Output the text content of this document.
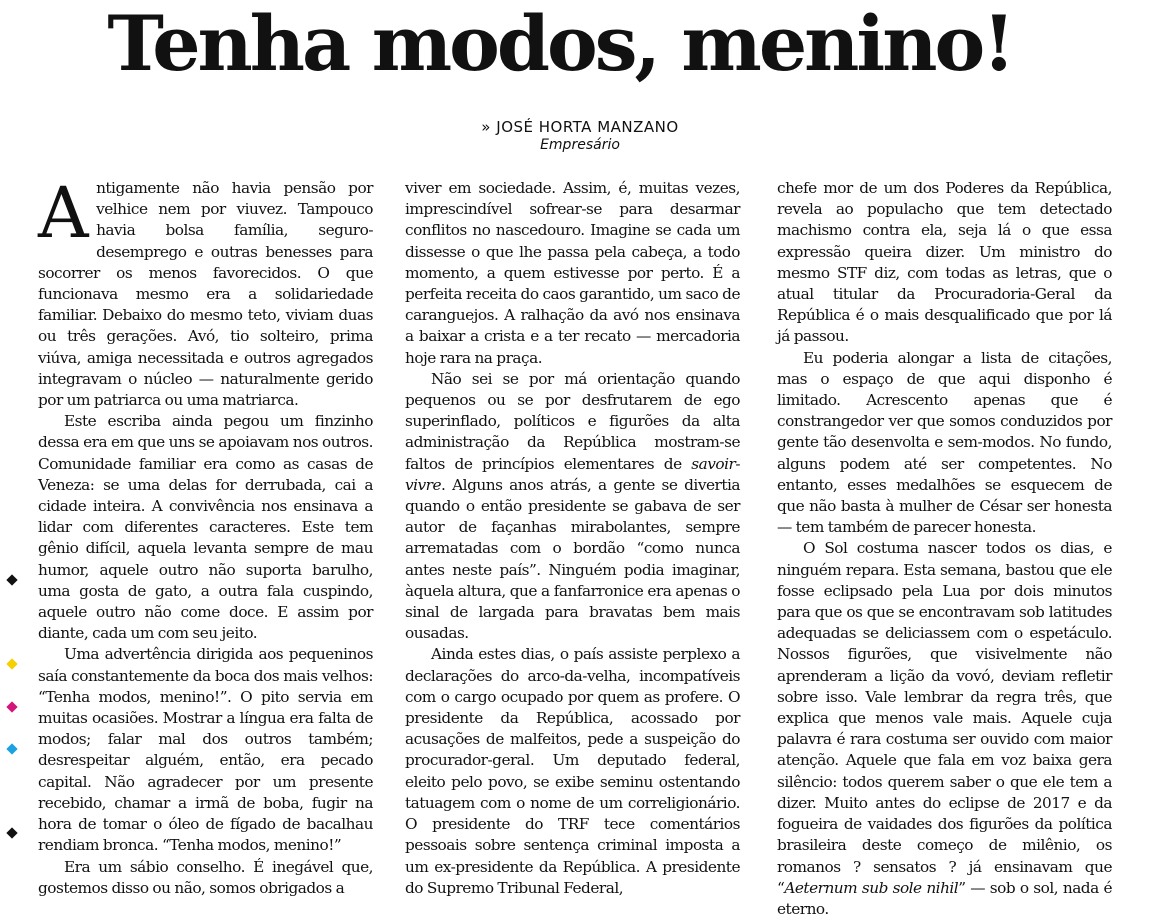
Tenha modos, menino!
» JOSÉ HORTA MANZANO
Empresário

Antigamente não havia pensão por velhice nem por viuvez. Tampouco havia bolsa família, seguro-desemprego e outras benesses para socorrer os menos favorecidos. O que funcionava mesmo era a solidariedade familiar. Debaixo do mesmo teto, viviam duas ou três gerações. Avó, tio solteiro, prima viúva, amiga necessitada e outros agregados integravam o núcleo — naturalmente gerido por um patriarca ou uma matriarca.

Este escriba ainda pegou um finzinho dessa era em que uns se apoiavam nos outros. Comunidade familiar era como as casas de Veneza: se uma delas for derrubada, cai a cidade inteira. A convivência nos ensinava a lidar com diferentes caracteres. Este tem gênio difícil, aquela levanta sempre de mau humor, aquele outro não suporta barulho, uma gosta de gato, a outra fala cuspindo, aquele outro não come doce. E assim por diante, cada um com seu jeito.

Uma advertência dirigida aos pequeninos saía constantemente da boca dos mais velhos: “Tenha modos, menino!”. O pito servia em muitas ocasiões. Mostrar a língua era falta de modos; falar mal dos outros também; desrespeitar alguém, então, era pecado capital. Não agradecer por um presente recebido, chamar a irmã de boba, fugir na hora de tomar o óleo de fígado de bacalhau rendiam bronca. “Tenha modos, menino!”

Era um sábio conselho. É inegável que, gostemos disso ou não, somos obrigados a

viver em sociedade. Assim, é, muitas vezes, imprescindível sofrear-se para desarmar conflitos no nascedouro. Imagine se cada um dissesse o que lhe passa pela cabeça, a todo momento, a quem estivesse por perto. É a perfeita receita do caos garantido, um saco de caranguejos. A ralhação da avó nos ensinava a baixar a crista e a ter recato — mercadoria hoje rara na praça.

Não sei se por má orientação quando pequenos ou se por desfrutarem de ego superinflado, políticos e figurões da alta administração da República mostram-se faltos de princípios elementares de savoir-vivre. Alguns anos atrás, a gente se divertia quando o então presidente se gabava de ser autor de façanhas mirabolantes, sempre arrematadas com o bordão “como nunca antes neste país”. Ninguém podia imaginar, àquela altura, que a fanfarronice era apenas o sinal de largada para bravatas bem mais ousadas.

Ainda estes dias, o país assiste perplexo a declarações do arco-da-velha, incompatíveis com o cargo ocupado por quem as profere. O presidente da República, acossado por acusações de malfeitos, pede a suspeição do procurador-geral. Um deputado federal, eleito pelo povo, se exibe seminu ostentando tatuagem com o nome de um correligionário. O presidente do TRF tece comentários pessoais sobre sentença criminal imposta a um ex-presidente da República. A presidente do Supremo Tribunal Federal,

chefe mor de um dos Poderes da República, revela ao populacho que tem detectado machismo contra ela, seja lá o que essa expressão queira dizer. Um ministro do mesmo STF diz, com todas as letras, que o atual titular da Procuradoria-Geral da República é o mais desqualificado que por lá já passou.

Eu poderia alongar a lista de citações, mas o espaço de que aqui disponho é limitado. Acrescento apenas que é constrangedor ver que somos conduzidos por gente tão desenvolta e sem-modos. No fundo, alguns podem até ser competentes. No entanto, esses medalhões se esquecem de que não basta à mulher de César ser honesta — tem também de parecer honesta.

O Sol costuma nascer todos os dias, e ninguém repara. Esta semana, bastou que ele fosse eclipsado pela Lua por dois minutos para que os que se encontravam sob latitudes adequadas se deliciassem com o espetáculo. Nossos figurões, que visivelmente não aprenderam a lição da vovó, deviam refletir sobre isso. Vale lembrar da regra três, que explica que menos vale mais. Aquele cuja palavra é rara costuma ser ouvido com maior atenção. Aquele que fala em voz baixa gera silêncio: todos querem saber o que ele tem a dizer. Muito antes do eclipse de 2017 e da fogueira de vaidades dos figurões da política brasileira deste começo de milênio, os romanos ? sensatos ? já ensinavam que “Aeternum sub sole nihil” — sob o sol, nada é eterno.
